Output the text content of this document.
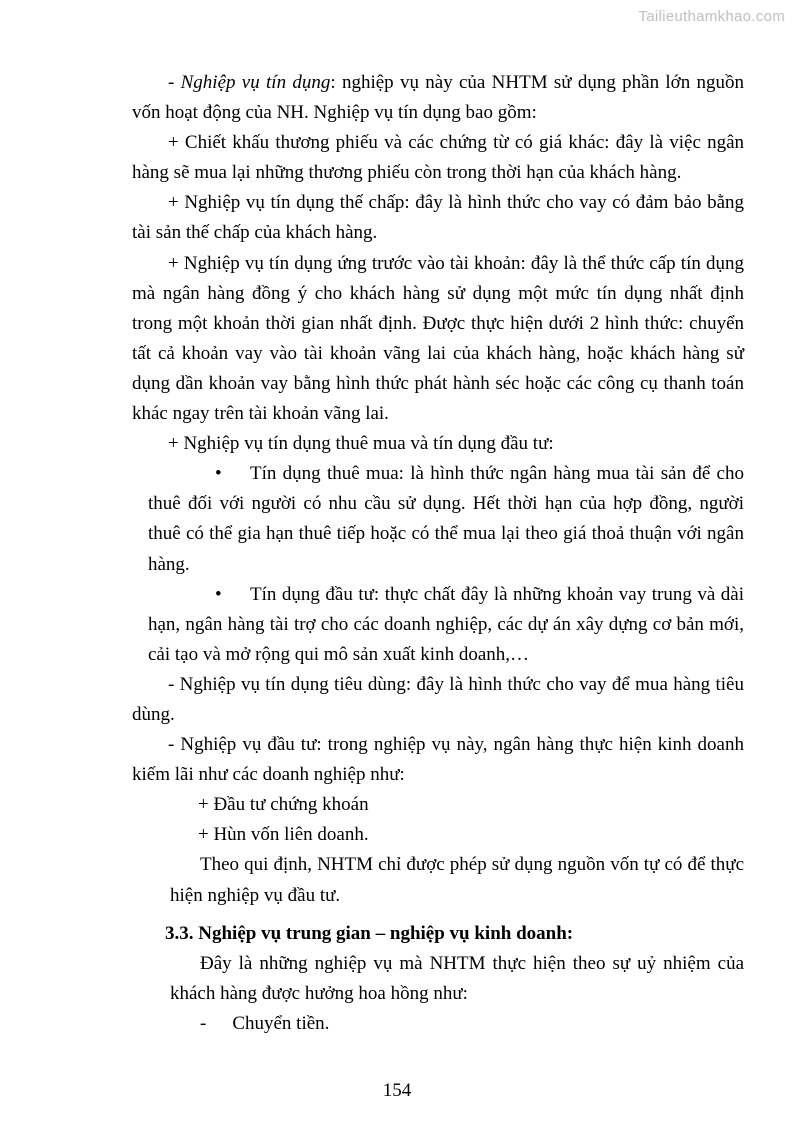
Tailieuthamkhao.com

- Nghiệp vụ tín dụng: nghiệp vụ này của NHTM sử dụng phần lớn nguồn vốn hoạt động của NH. Nghiệp vụ tín dụng bao gồm:

+ Chiết khấu thương phiếu và các chứng từ có giá khác: đây là việc ngân hàng sẽ mua lại những thương phiếu còn trong thời hạn của khách hàng.

+ Nghiệp vụ tín dụng thế chấp: đây là hình thức cho vay có đảm bảo bằng tài sản thế chấp của khách hàng.

+ Nghiệp vụ tín dụng ứng trước vào tài khoản: đây là thể thức cấp tín dụng mà ngân hàng đồng ý cho khách hàng sử dụng một mức tín dụng nhất định trong một khoản thời gian nhất định. Được thực hiện dưới 2 hình thức: chuyển tất cả khoản vay vào tài khoản vãng lai của khách hàng, hoặc khách hàng sử dụng dần khoản vay bằng hình thức phát hành séc hoặc các công cụ thanh toán khác ngay trên tài khoản vãng lai.

+ Nghiệp vụ tín dụng thuê mua và tín dụng đầu tư:

• Tín dụng thuê mua: là hình thức ngân hàng mua tài sản để cho thuê đối với người có nhu cầu sử dụng. Hết thời hạn của hợp đồng, người thuê có thể gia hạn thuê tiếp hoặc có thể mua lại theo giá thoả thuận với ngân hàng.

• Tín dụng đầu tư: thực chất đây là những khoản vay trung và dài hạn, ngân hàng tài trợ cho các doanh nghiệp, các dự án xây dựng cơ bản mới, cải tạo và mở rộng qui mô sản xuất kinh doanh,…

- Nghiệp vụ tín dụng tiêu dùng: đây là hình thức cho vay để mua hàng tiêu dùng.

- Nghiệp vụ đầu tư: trong nghiệp vụ này, ngân hàng thực hiện kinh doanh kiếm lãi như các doanh nghiệp như:

+ Đầu tư chứng khoán

+ Hùn vốn liên doanh.

Theo qui định, NHTM chỉ được phép sử dụng nguồn vốn tự có để thực hiện nghiệp vụ đầu tư.

3.3. Nghiệp vụ trung gian – nghiệp vụ kinh doanh:

Đây là những nghiệp vụ mà NHTM thực hiện theo sự uỷ nhiệm của khách hàng được hưởng hoa hồng như:

- Chuyển tiền.

154
